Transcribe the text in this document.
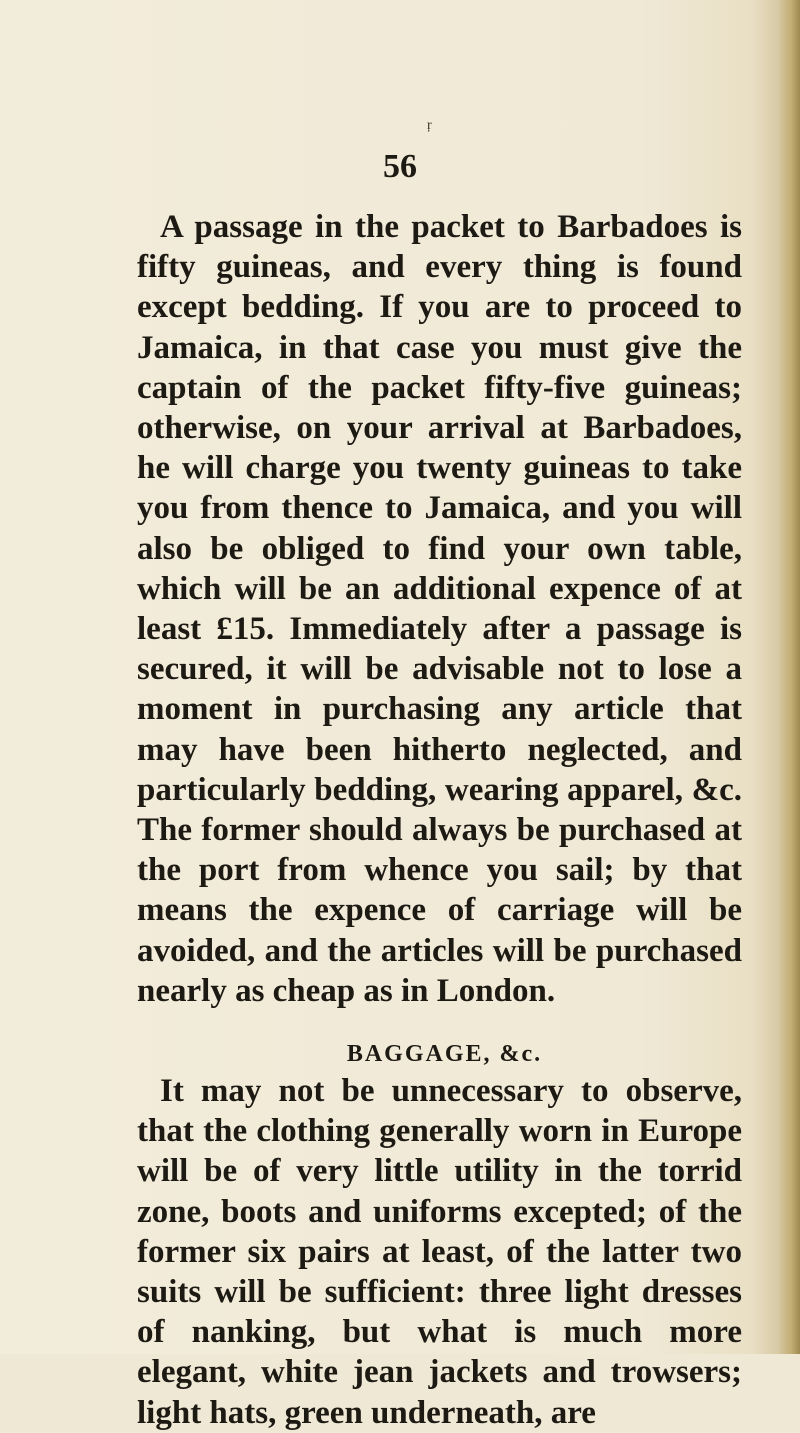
ŗ
56

A passage in the packet to Barbadoes is fifty guineas, and every thing is found except bedding. If you are to proceed to Jamaica, in that case you must give the captain of the packet fifty-five guineas; otherwise, on your arrival at Barbadoes, he will charge you twenty guineas to take you from thence to Jamaica, and you will also be obliged to find your own table, which will be an additional expence of at least £15. Immediately after a passage is secured, it will be advisable not to lose a moment in purchasing any article that may have been hitherto neglected, and particularly bedding, wearing apparel, &c. The former should always be purchased at the port from whence you sail; by that means the expence of carriage will be avoided, and the articles will be purchased nearly as cheap as in London.

BAGGAGE, &c.

It may not be unnecessary to observe, that the clothing generally worn in Europe will be of very little utility in the torrid zone, boots and uniforms excepted; of the former six pairs at least, of the latter two suits will be sufficient: three light dresses of nanking, but what is much more elegant, white jean jackets and trowsers; light hats, green underneath, are
